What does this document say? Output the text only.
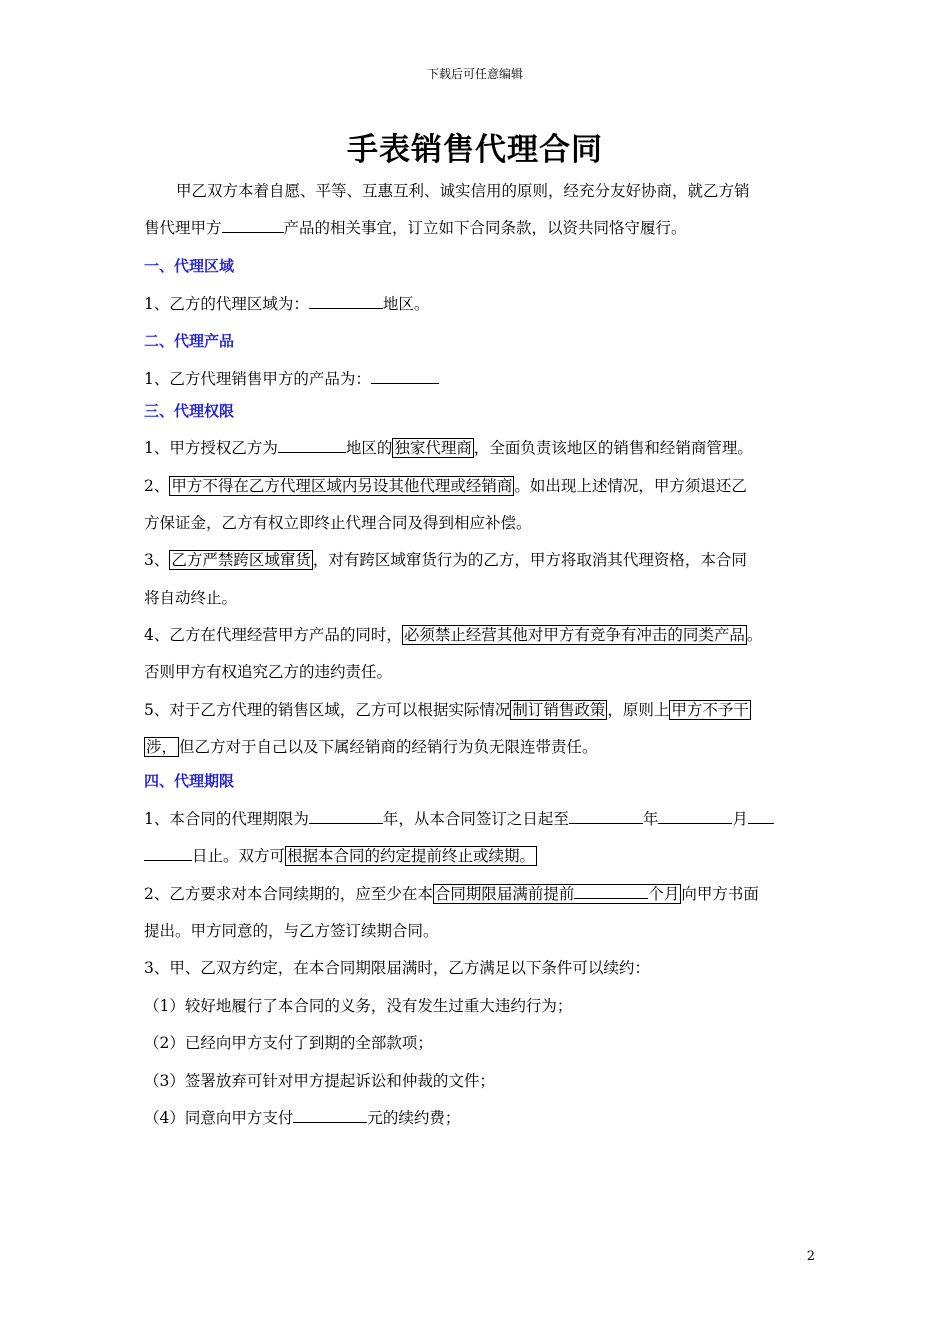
下载后可任意编辑
手表销售代理合同
甲乙双方本着自愿、平等、互惠互利、诚实信用的原则，经充分友好协商，就乙方销
售代理甲方	产品的相关事宜，订立如下合同条款，以资共同恪守履行。
一、代理区域
1、乙方的代理区域为：	地区。
二、代理产品
1、乙方代理销售甲方的产品为：
三、代理权限
1、甲方授权乙方为	地区的 独家代理商 ，全面负责该地区的销售和经销商管理。
2、 甲方不得在乙方代理区域内另设其他代理或经销商 。如出现上述情况，甲方须退还乙
方保证金，乙方有权立即终止代理合同及得到相应补偿。
3、 乙方严禁跨区域窜货 ，对有跨区域窜货行为的乙方，甲方将取消其代理资格，本合同
将自动终止。
4、乙方在代理经营甲方产品的同时， 必须禁止经营其他对甲方有竞争有冲击的同类产品 。
否则甲方有权追究乙方的违约责任。
5、对于乙方代理的销售区域，乙方可以根据实际情况 制订销售政策 ，原则上 甲方不予干
涉， 但乙方对于自己以及下属经销商的经销行为负无限连带责任。
四、代理期限
1、本合同的代理期限为	年，从本合同签订之日起至	年	月
日止。双方可 根据本合同的约定提前终止或续期。
2、乙方要求对本合同续期的，应至少在本 合同期限届满前提前	个月 向甲方书面
提出。甲方同意的，与乙方签订续期合同。
3、甲、乙双方约定，在本合同期限届满时，乙方满足以下条件可以续约：
（1）较好地履行了本合同的义务，没有发生过重大违约行为；
（2）已经向甲方支付了到期的全部款项；
（3）签署放弃可针对甲方提起诉讼和仲裁的文件；
（4）同意向甲方支付	元的续约费；
2
